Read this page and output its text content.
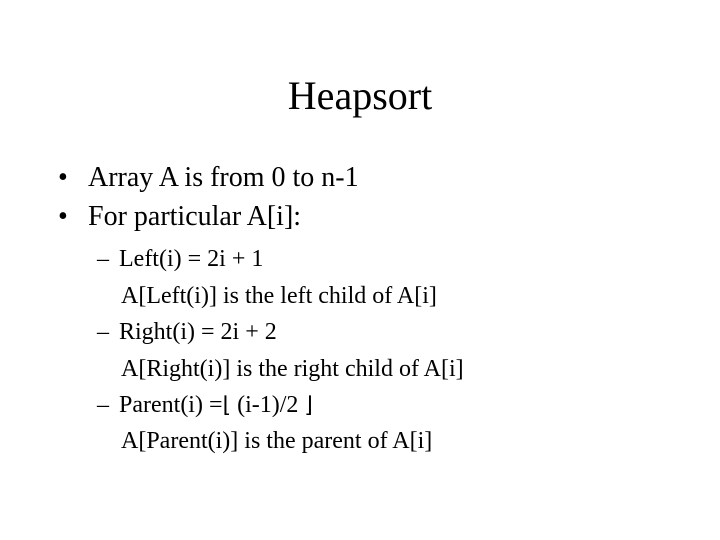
Heapsort
• Array A is from 0 to n-1
• For particular A[i]:
– Left(i) = 2i + 1
A[Left(i)] is the left child of A[i]
– Right(i) = 2i + 2
A[Right(i)] is the right child of A[i]
– Parent(i) =⌊ (i-1)/2 ⌋
A[Parent(i)] is the parent of A[i]
